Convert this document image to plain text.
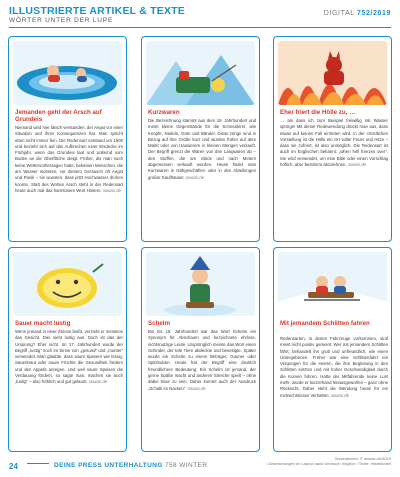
ILLUSTRIERTE ARTIKEL & TEXTE
WÖRTER UNTER DER LUPE
DIGITAL 752/2019
Jemanden geht der Arsch auf Grundeis
Niemand wird hier falsch verstanden, der Angst vor einer Situation und ihren Konsequenzen hat. Man spricht eben nicht immer fein. Die Redensart entstand um 1900 und bezieht sich auf das Aufbrechen einer Eisdecke im Frühjahr, wenn das Grundeis laut und polternd vom Boden an die Oberfläche steigt. Früher, als man noch keine Wettervorhersagen hatte, bekamen Menschen, die am Wasser wohnten, vor diesem Geräusch oft Angst und Panik – sie wussten, dass jetzt Hochwasser drohen konnte. Statt des Wortes Arsch steht in der Redensart heute auch mal das harmlosere Wort Hintern. sowas.de
Kurzwaren
Die Bezeichnung stammt aus dem 18. Jahrhundert und meint kleine Gegenstände für die Schneiderei, wie Knöpfe, Nadeln, Garn und Bänder. Diese Dinge sind in Bezug auf ihre Größe kurz und wurden früher auf dem Markt oder von Hausierern in kleinen Mengen verkauft. Der Begriff grenzt die Waren von den Langwaren ab – den Stoffen, die am Stück und nach Metern abgemessen verkauft wurden. Heute findet man Kurzwaren in Nähgeschäften oder in den Abteilungen großer Kaufhäuser. sowas.de
Eher friert die Hölle zu, …
… als dass ich zum Beispiel freiwillig mit Wasser springe! Mit dieser Redewendung drückt man aus, dass etwas auf keinen Fall eintreten wird. In der christlichen Vorstellung ist die Hölle ein Ort voller Feuer und Hitze – dass sie zufriert, ist also unmöglich. Die Redensart ist auch im Englischen bekannt: „when hell freezes over“. Sie wird verwendet, um eine Bitte oder einen Vorschlag höflich, aber bestimmt abzulehnen. sowas.de
Sauer macht lustig
Wenn jemand in einer Zitrone beißt, verzieht er meistens das Gesicht. Das sieht lustig aus. Doch ist das der Ursprung? Eher nicht. Im 17. Jahrhundert wurde der Begriff „lustig“ noch im Sinne von „gesund“ und „munter“ verwendet. Man glaubte, dass saure Speisen wie Essig, Sauerkraut oder saure Früchte die Gesundheit fördern und den Appetit anregen. Und weil saure Speisen die Verdauung fördern, so sagte man, machen sie auch „lustig“ – also fröhlich und gut gelaunt. sowas.de
Schelm
Bis ins 18. Jahrhundert war das Wort Schelm ein Synonym für Abschaum und bezeichnete ehrlose, nichtsnutzige Leute. Ursprünglich meinte das Wort einen Schinder, der tote Tiere abdeckte und beseitigte. Später wurde ein Schelm zu einem Betrüger, Gauner oder Spitzbuben. Heute hat der Begriff eine deutlich freundlichere Bedeutung: Ein Schelm ist jemand, der gerne Späße macht und anderen Streiche spielt – ohne dabei böse zu sein. Daher kommt auch der Ausdruck „Schalk im Nacken“. sowas.de
Mit jemandem Schlitten fahren
Redensarten, in denen Fahrzeuge vorkommen, sind meist nicht positiv gemeint. Wer mit jemandem Schlitten fährt, behandelt ihn grob und unfreundlich, wie einen Untergebenen. Früher war eine Schlittenfahrt ein Vergnügen für die Herren, die ihre Begleitung in den Schlitten setzten und mit hoher Geschwindigkeit durch die Kurven fuhren. Hatte der Mitfahrende keine Lust mehr, wurde er kurzerhand hinausgeworfen – ganz ohne Rücksicht. Daher steht die Wendung heute für ein rücksichtsloses Verhalten. sowas.de
24	DEINE PRESS UNTERHALTUNG 758 WINTER
Illustrationen: © sowas.de/2019
• Abweichungen im Layout nach Umbruch möglich / Texte: redaktionell
